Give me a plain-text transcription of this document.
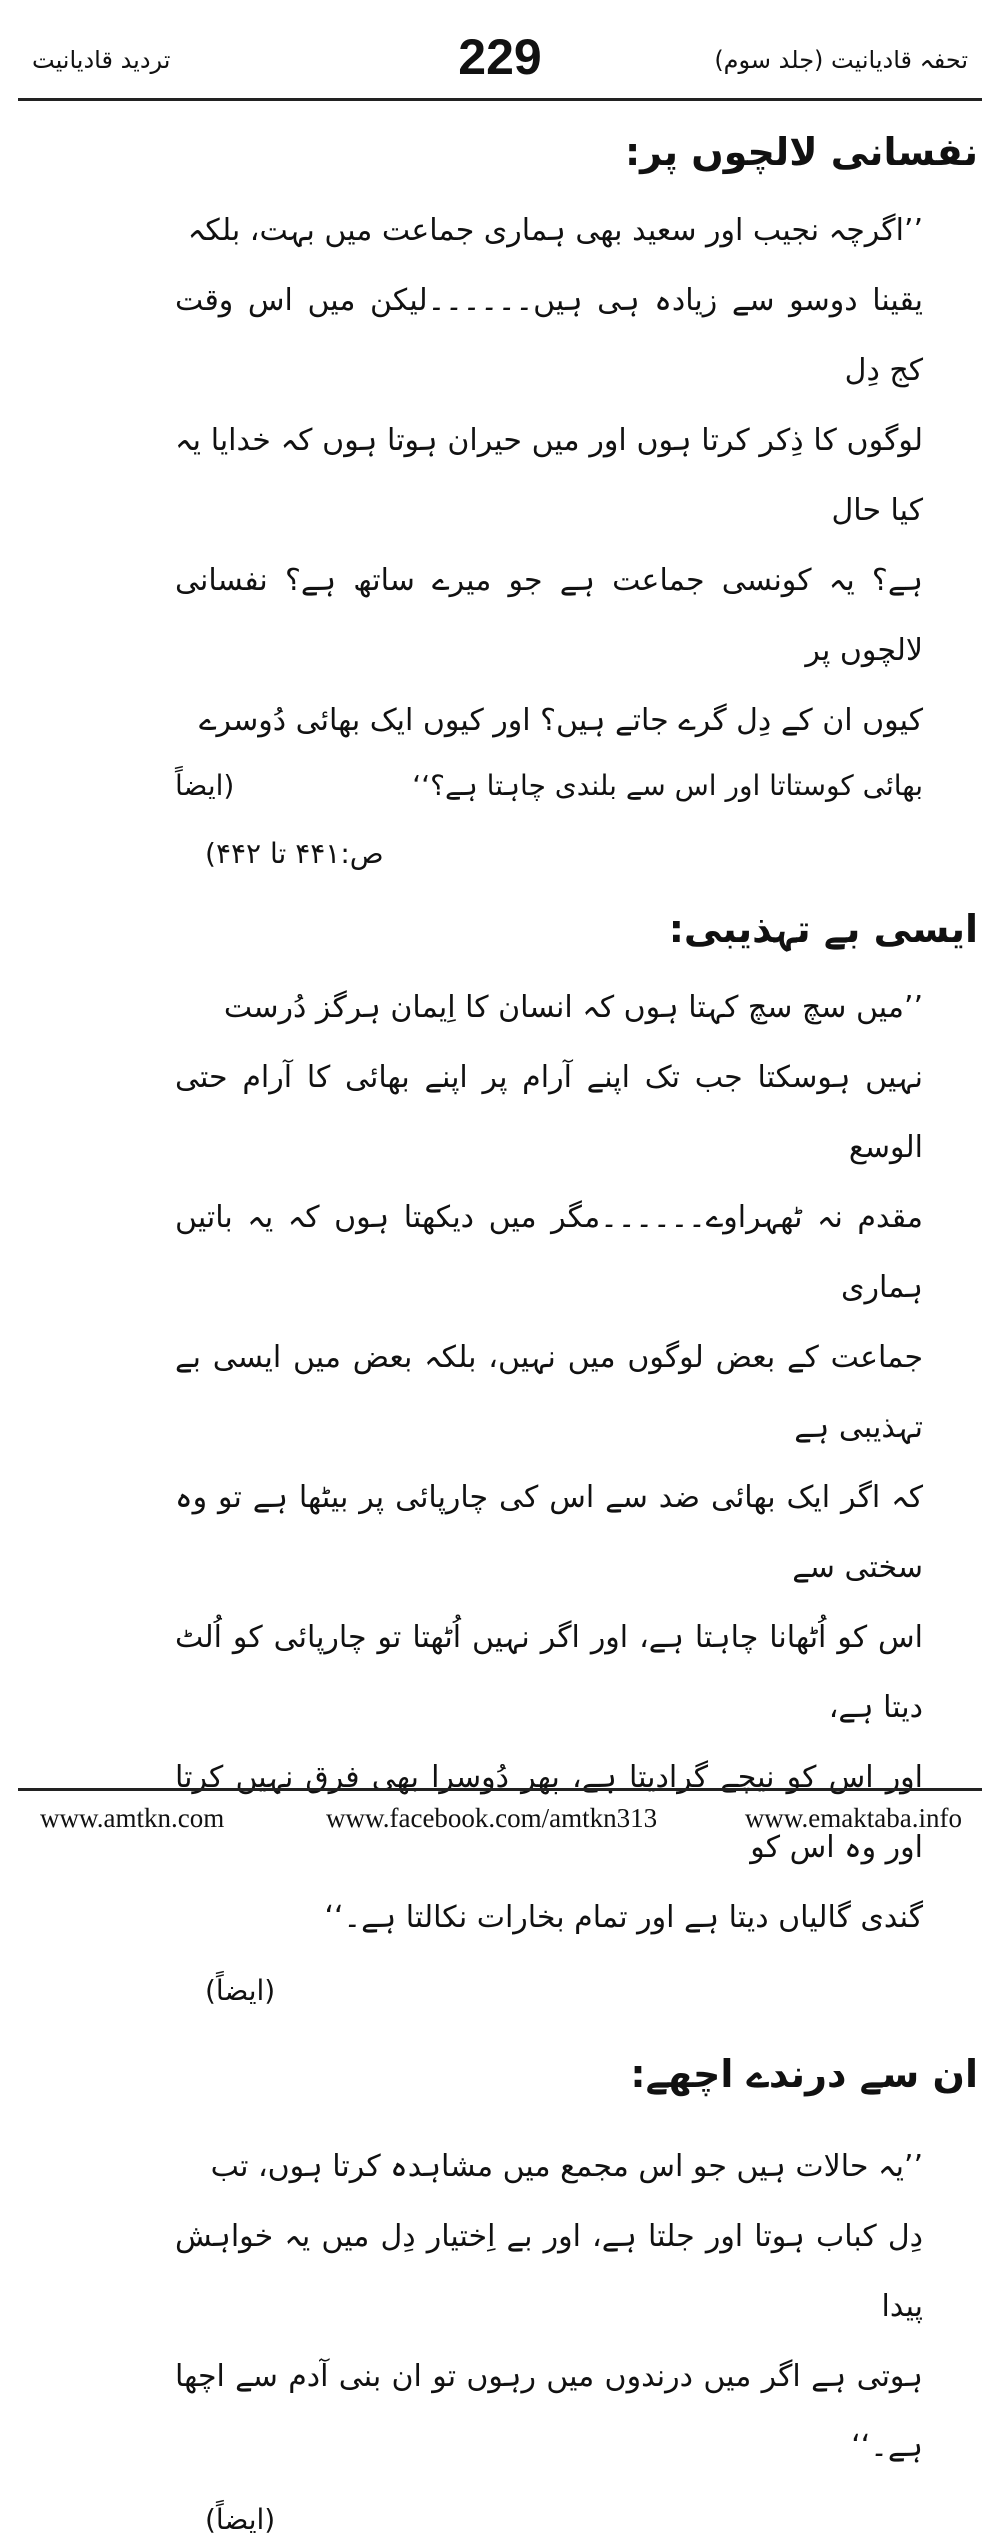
تردید قادیانیت	229	تحفہ قادیانیت (جلد سوم)
نفسانی لالچوں پر:

’’اگرچہ نجیب اور سعید بھی ہماری جماعت میں بہت، بلکہ

یقینا دوسو سے زیادہ ہی ہیں۔۔۔۔۔۔لیکن میں اس وقت کج دِل

لوگوں کا ذِکر کرتا ہوں اور میں حیران ہوتا ہوں کہ خدایا یہ کیا حال

ہے؟ یہ کونسی جماعت ہے جو میرے ساتھ ہے؟ نفسانی لالچوں پر

کیوں ان کے دِل گرے جاتے ہیں؟ اور کیوں ایک بھائی دُوسرے

بھائی کوستاتا اور اس سے بلندی چاہتا ہے؟‘‘
(ایضاً
ص:۴۴۱ تا ۴۴۲)
ایسی بے تہذیبی:

’’میں سچ سچ کہتا ہوں کہ انسان کا اِیمان ہرگز دُرست

نہیں ہوسکتا جب تک اپنے آرام پر اپنے بھائی کا آرام حتی الوسع

مقدم نہ ٹھہراوے۔۔۔۔۔۔مگر میں دیکھتا ہوں کہ یہ باتیں ہماری

جماعت کے بعض لوگوں میں نہیں، بلکہ بعض میں ایسی بے تہذیبی ہے

کہ اگر ایک بھائی ضد سے اس کی چارپائی پر بیٹھا ہے تو وہ سختی سے

اس کو اُٹھانا چاہتا ہے، اور اگر نہیں اُٹھتا تو چارپائی کو اُلٹ دیتا ہے،

اور اس کو نیچے گرادیتا ہے، پھر دُوسرا بھی فرق نہیں کرتا اور وہ اس کو

گندی گالیاں دیتا ہے اور تمام بخارات نکالتا ہے۔‘‘

(ایضاً)
ان سے درندے اچھے:

’’یہ حالات ہیں جو اس مجمع میں مشاہدہ کرتا ہوں، تب

دِل کباب ہوتا اور جلتا ہے، اور بے اِختیار دِل میں یہ خواہش پیدا

ہوتی ہے اگر میں درندوں میں رہوں تو ان بنی آدم سے اچھا ہے۔‘‘

(ایضاً)
www.amtkn.com	www.facebook.com/amtkn313	www.emaktaba.info
